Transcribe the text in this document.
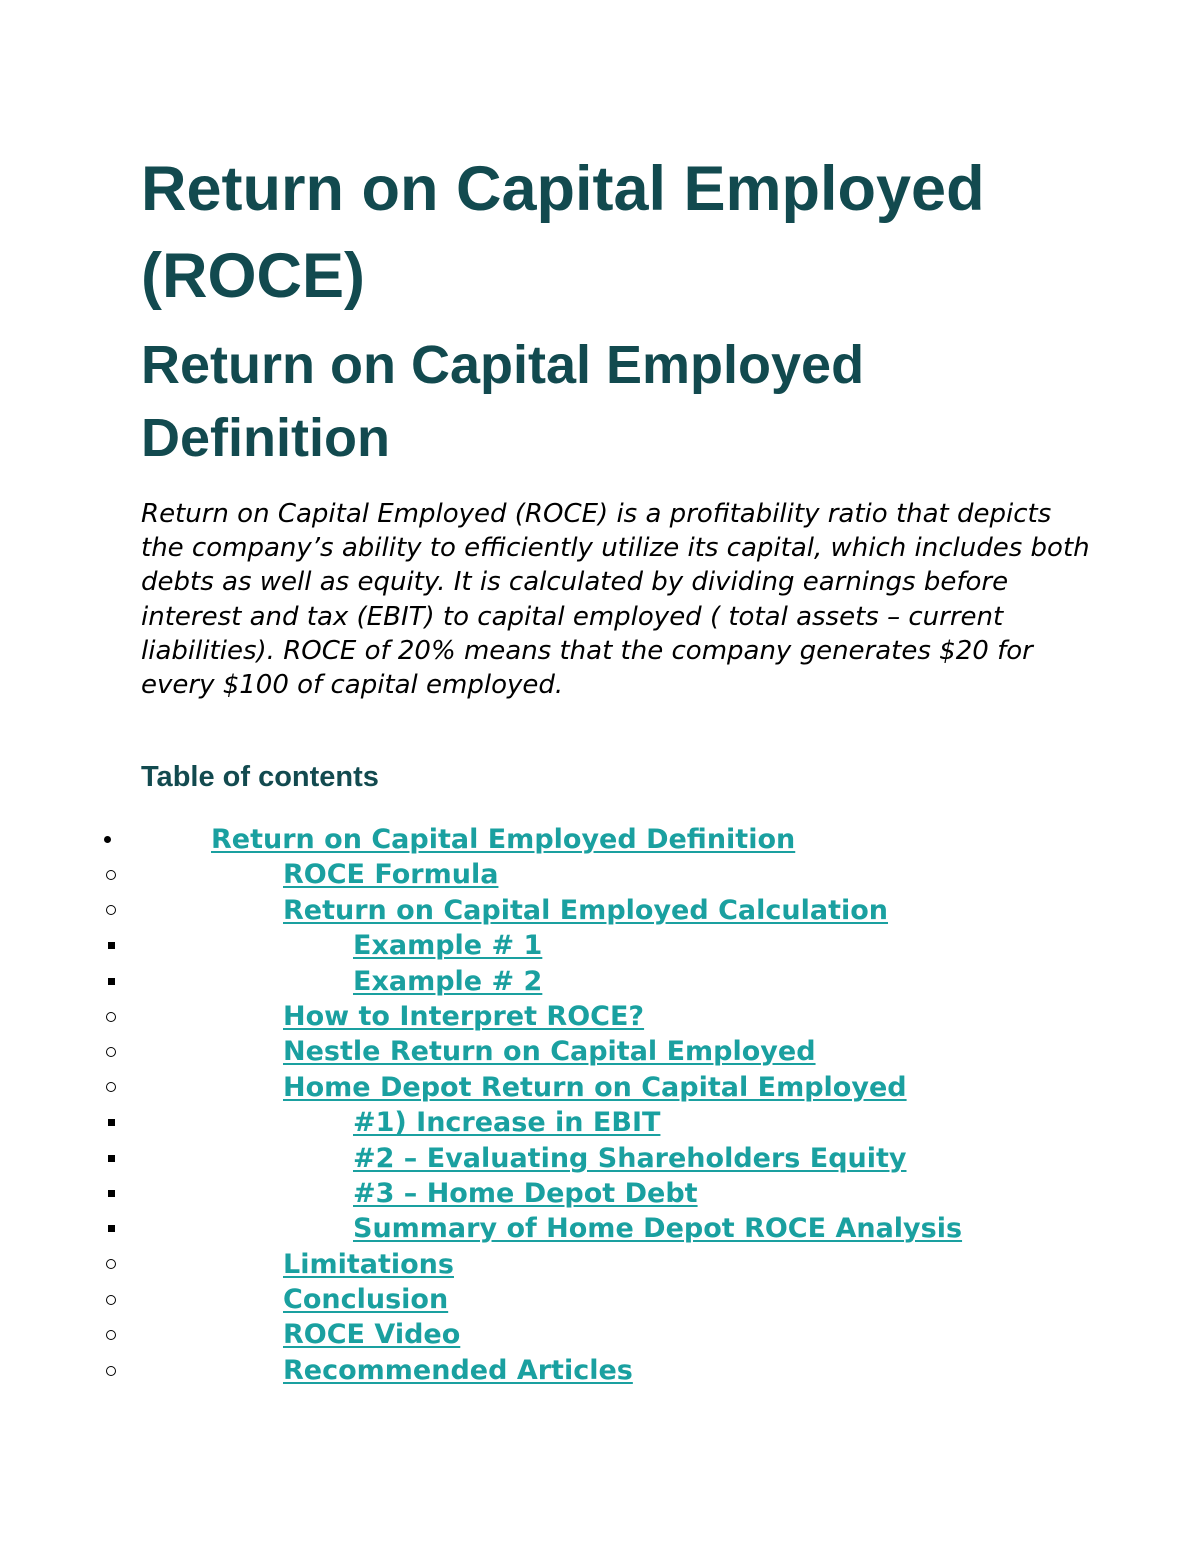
Return on Capital Employed (ROCE)
Return on Capital Employed Definition

Return on Capital Employed (ROCE) is a profitability ratio that depicts the company’s ability to efficiently utilize its capital, which includes both debts as well as equity. It is calculated by dividing earnings before interest and tax (EBIT) to capital employed ( total assets – current liabilities). ROCE of 20% means that the company generates $20 for every $100 of capital employed.

Table of contents
Return on Capital Employed Definition
ROCE Formula
Return on Capital Employed Calculation
Example # 1
Example # 2
How to Interpret ROCE?
Nestle Return on Capital Employed
Home Depot Return on Capital Employed
#1) Increase in EBIT
#2 – Evaluating Shareholders Equity
#3 – Home Depot Debt
Summary of Home Depot ROCE Analysis
Limitations
Conclusion
ROCE Video
Recommended Articles
